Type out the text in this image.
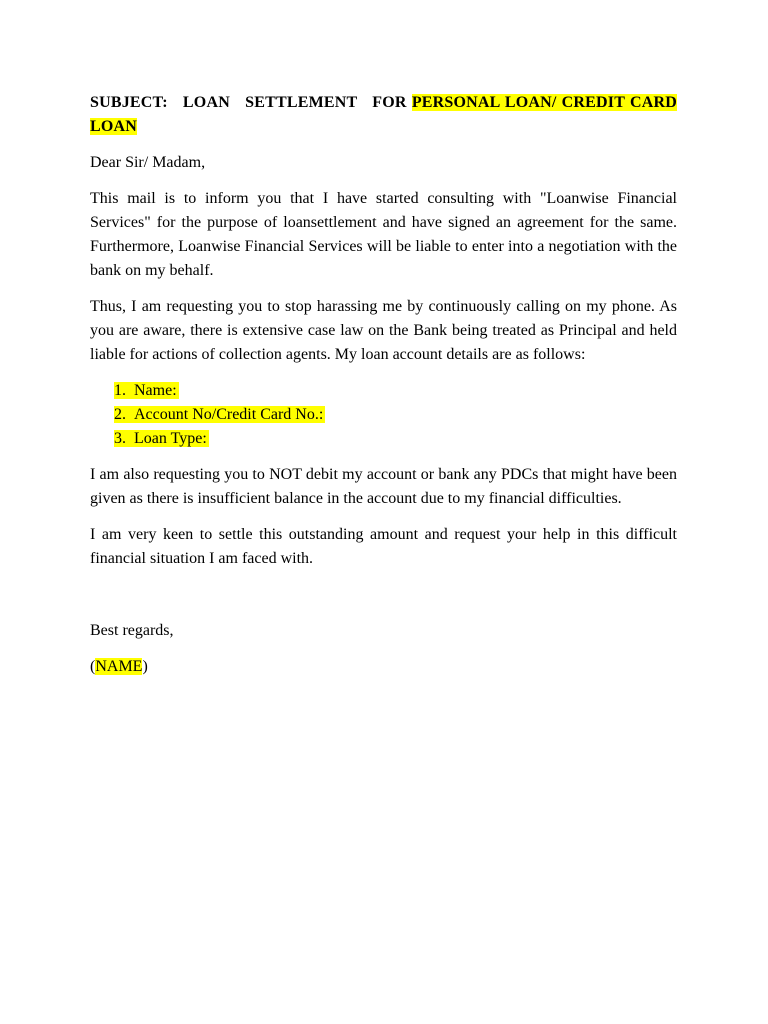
SUBJECT: LOAN SETTLEMENT FOR PERSONAL LOAN/ CREDIT CARD LOAN

Dear Sir/ Madam,

This mail is to inform you that I have started consulting with "Loanwise Financial Services" for the purpose of loansettlement and have signed an agreement for the same. Furthermore, Loanwise Financial Services will be liable to enter into a negotiation with the bank on my behalf.

Thus, I am requesting you to stop harassing me by continuously calling on my phone. As you are aware, there is extensive case law on the Bank being treated as Principal and held liable for actions of collection agents. My loan account details are as follows:

1. Name:
2. Account No/Credit Card No.:
3. Loan Type:

I am also requesting you to NOT debit my account or bank any PDCs that might have been given as there is insufficient balance in the account due to my financial difficulties.

I am very keen to settle this outstanding amount and request your help in this difficult financial situation I am faced with.

Best regards,

(NAME)
